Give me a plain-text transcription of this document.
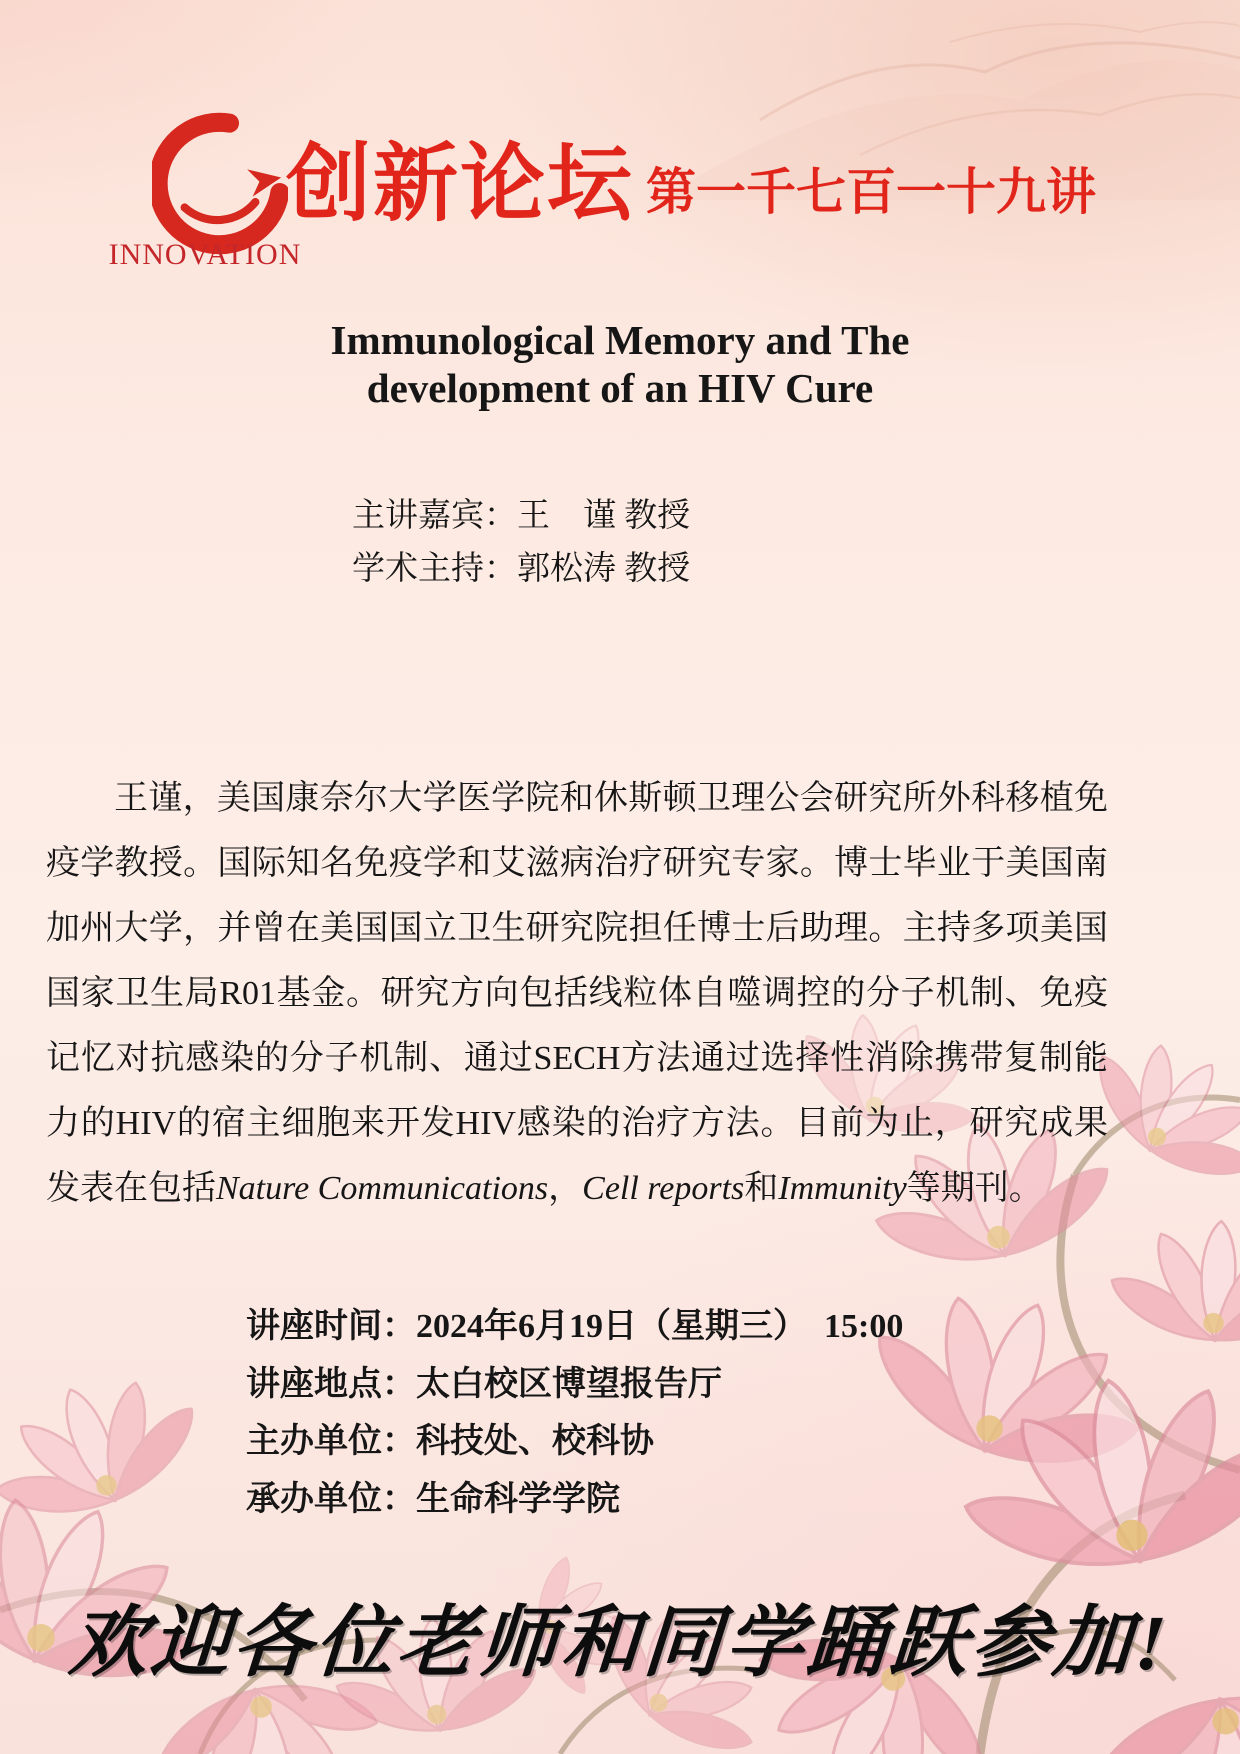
INNOVATION
创新论坛 第一千七百一十九讲
Immunological Memory and The
development of an HIV Cure
主讲嘉宾：王　谨 教授
学术主持：郭松涛 教授

王谨，美国康奈尔大学医学院和休斯顿卫理公会研究所外科移植免疫学教授。国际知名免疫学和艾滋病治疗研究专家。博士毕业于美国南加州大学，并曾在美国国立卫生研究院担任博士后助理。主持多项美国国家卫生局R01基金。研究方向包括线粒体自噬调控的分子机制、免疫记忆对抗感染的分子机制、通过SECH方法通过选择性消除携带复制能力的HIV的宿主细胞来开发HIV感染的治疗方法。目前为止，研究成果发表在包括Nature Communications，Cell reports和Immunity等期刊。

讲座时间：2024年6月19日（星期三）　15:00
讲座地点：太白校区博望报告厅
主办单位：科技处、校科协
承办单位：生命科学学院
欢迎各位老师和同学踊跃参加!
